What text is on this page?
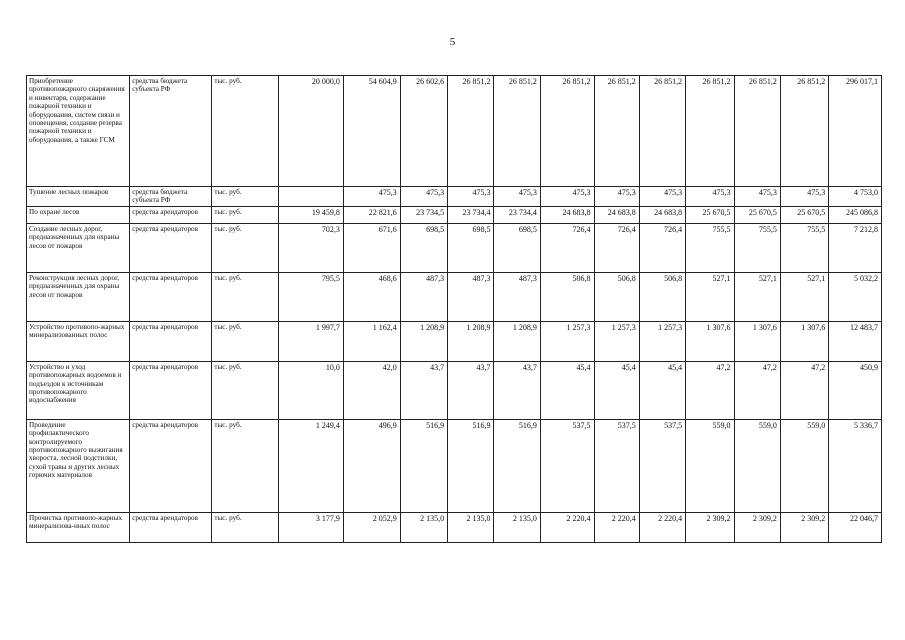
5
Приобретение противопожарного снаряжения и инвентаря, содержание пожарной техники и оборудования, систем связи и оповещения, создание резерва пожарной техники и оборудования, а также ГСМ	средства бюджета субъекта РФ	тыс. руб.	20 000,0	54 604,9	26 602,6	26 851,2	26 851,2	26 851,2	26 851,2	26 851,2	26 851,2	26 851,2	26 851,2	296 017,1
Тушение лесных пожаров	средства бюджета субъекта РФ	тыс. руб.		475,3	475,3	475,3	475,3	475,3	475,3	475,3	475,3	475,3	475,3	4 753,0
По охране лесов	средства арендаторов	тыс. руб.	19 459,8	22 821,6	23 734,5	23 734,4	23 734,4	24 683,8	24 683,8	24 683,8	25 670,5	25 670,5	25 670,5	245 086,8
Создание лесных дорог, предназначенных для охраны лесов от пожаров	средства арендаторов	тыс. руб.	702,3	671,6	698,5	698,5	698,5	726,4	726,4	726,4	755,5	755,5	755,5	7 212,8
Реконструкция лесных дорог, предназначенных для охраны лесов от пожаров	средства арендаторов	тыс. руб.	795,5	468,6	487,3	487,3	487,3	506,8	506,8	506,8	527,1	527,1	527,1	5 032,2
Устройство противопо-жарных минерализованных полос	средства арендаторов	тыс. руб.	1 997,7	1 162,4	1 208,9	1 208,9	1 208,9	1 257,3	1 257,3	1 257,3	1 307,6	1 307,6	1 307,6	12 483,7
Устройство и уход противопожарных водоемов и подъездов к источникам противопожарного водоснабжения	средства арендаторов	тыс. руб.	10,0	42,0	43,7	43,7	43,7	45,4	45,4	45,4	47,2	47,2	47,2	450,9
Проведение профилактического контролируемого противопожарного выжигания хвороста, лесной подстилки, сухой травы и других лесных горючих материалов	средства арендаторов	тыс. руб.	1 249,4	496,9	516,9	516,9	516,9	537,5	537,5	537,5	559,0	559,0	559,0	5 336,7
Прочистка противопо-жарных минерализова-нных полос	средства арендаторов	тыс. руб.	3 177,9	2 052,9	2 135,0	2 135,0	2 135,0	2 220,4	2 220,4	2 220,4	2 309,2	2 309,2	2 309,2	22 046,7
